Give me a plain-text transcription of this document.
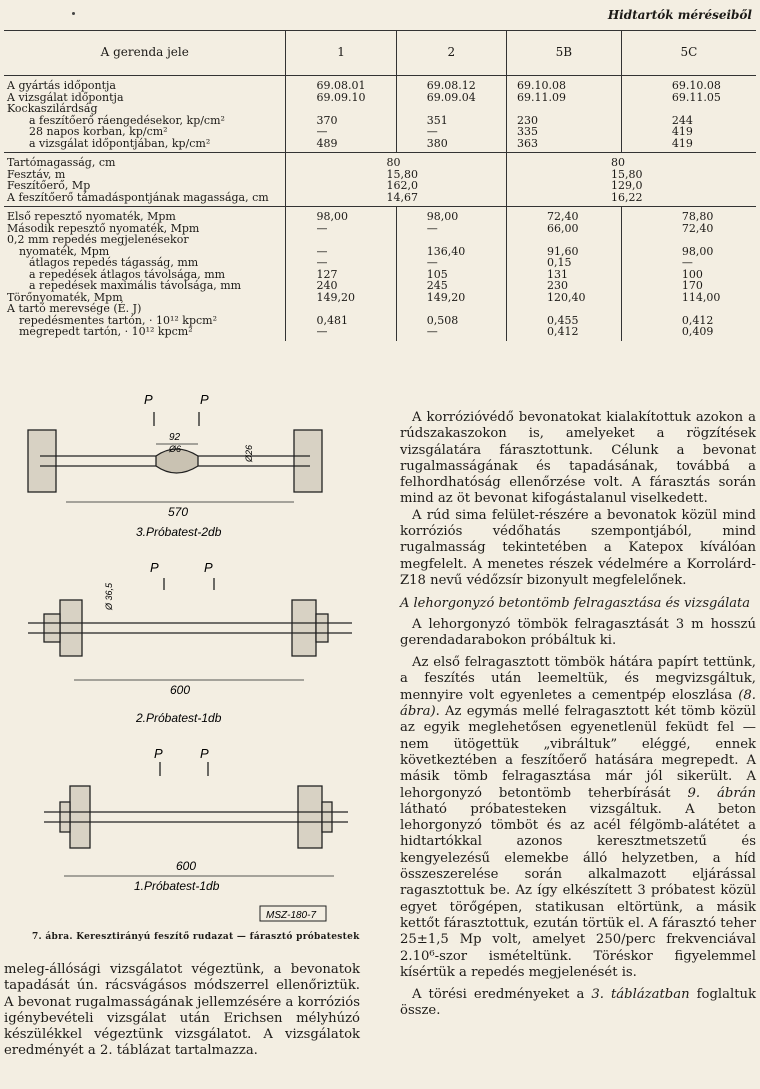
Hidtartók méréseiből
A gerenda jele	1	2	5B	5C
A gyártás időpontja	69.08.01	69.08.12	69.10.08	69.10.08
A vizsgálat időpontja	69.09.10	69.09.04	69.11.09	69.11.05
Kockaszilárdság				
a feszítőerő ráengedésekor, kp/cm²	370	351	230	244
28 napos korban, kp/cm²	—	—	335	419
a vizsgálat időpontjában, kp/cm²	489	380	363	419
Tartómagasság, cm	80		80	
Fesztáv, m	15,80		15,80	
Feszítőerő, Mp	162,0		129,0	
A feszítőerő támadáspontjának magassága, cm	14,67		16,22	
Első repesztő nyomaték, Mpm	98,00	98,00	72,40	78,80
Második repesztő nyomaték, Mpm	—	—	66,00	72,40
0,2 mm repedés megjelenésekor				
nyomaték, Mpm	—	136,40	91,60	98,00
átlagos repedés tágasság, mm	—	—	0,15	—
a repedések átlagos távolsága, mm	127	105	131	100
a repedések maximális távolsága, mm	240	245	230	170
Törőnyomaték, Mpm	149,20	149,20	120,40	114,00
A tartó merevsége (É. J)				
repedésmentes tartón, · 10¹² kpcm²	0,481	0,508	0,455	0,412
megrepedt tartón, · 10¹² kpcm²	—	—	0,412	0,409
P	P
92
Ø6	Ø26
570
3.Próbatest-2db
P	P
Ø 36,5
600
2.Próbatest-1db
P	P
600
1.Próbatest-1db
MSZ-180-7
7. ábra. Keresztirányú feszítő rudazat — fárasztó próbatestek

meleg-állósági vizsgálatot végeztünk, a bevonatok tapadását ún. rácsvágásos módszerrel ellenőriztük. A bevonat rugalmasságának jellemzésére a korróziós igénybevételi vizsgálat után Erichsen mélyhúzó készülékkel végeztünk vizsgálatot. A vizsgálatok eredményét a 2. táblázat tartalmazza.

A korrózióvédő bevonatokat kialakítottuk azokon a rúdszakaszokon is, amelyeket a rögzítések vizsgálatára fárasztottunk. Célunk a bevonat rugalmasságának és tapadásának, továbbá a felhordhatóság ellenőrzése volt. A fárasztás során mind az öt bevonat kifogástalanul viselkedett.

A rúd sima felület-részére a bevonatok közül mind korróziós védőhatás szempontjából, mind rugalmasság tekintetében a Katepox kíválóan megfelelt. A menetes részek védelmére a Korrolárd-Z18 nevű védőzsír bizonyult megfelelőnek.

A lehorgonyzó betontömb felragasztása és vizsgálata

A lehorgonyzó tömbök felragasztását 3 m hosszú gerendadarabokon próbáltuk ki.

Az első felragasztott tömbök hátára papírt tettünk, a feszítés után leemeltük, és megvizsgáltuk, mennyire volt egyenletes a cementpép eloszlása (8. ábra). Az egymás mellé felragasztott két tömb közül az egyik meglehetősen egyenetlenül feküdt fel — nem ütögettük „vibráltuk” eléggé, ennek következtében a feszítőerő hatására megrepedt. A másik tömb felragasztása már jól sikerült. A lehorgonyzó betontömb teherbírását 9. ábrán látható próbatesteken vizsgáltuk. A beton lehorgonyzó tömböt és az acél félgömb-alátétet a hidtartókkal azonos keresztmetszetű és kengyelezésű elemekbe álló helyzetben, a híd összeszerelése során alkalmazott eljárással ragasztottuk be. Az így elkészített 3 próbatest közül egyet törőgépen, statikusan eltörtünk, a másik kettőt fárasztottuk, ezután törtük el. A fárasztó teher 25±1,5 Mp volt, amelyet 250/perc frekvenciával 2.10⁶-szor ismételtünk. Töréskor figyelemmel kísértük a repedés megjelenését is.

A törési eredményeket a 3. táblázatban foglaltuk össze.
